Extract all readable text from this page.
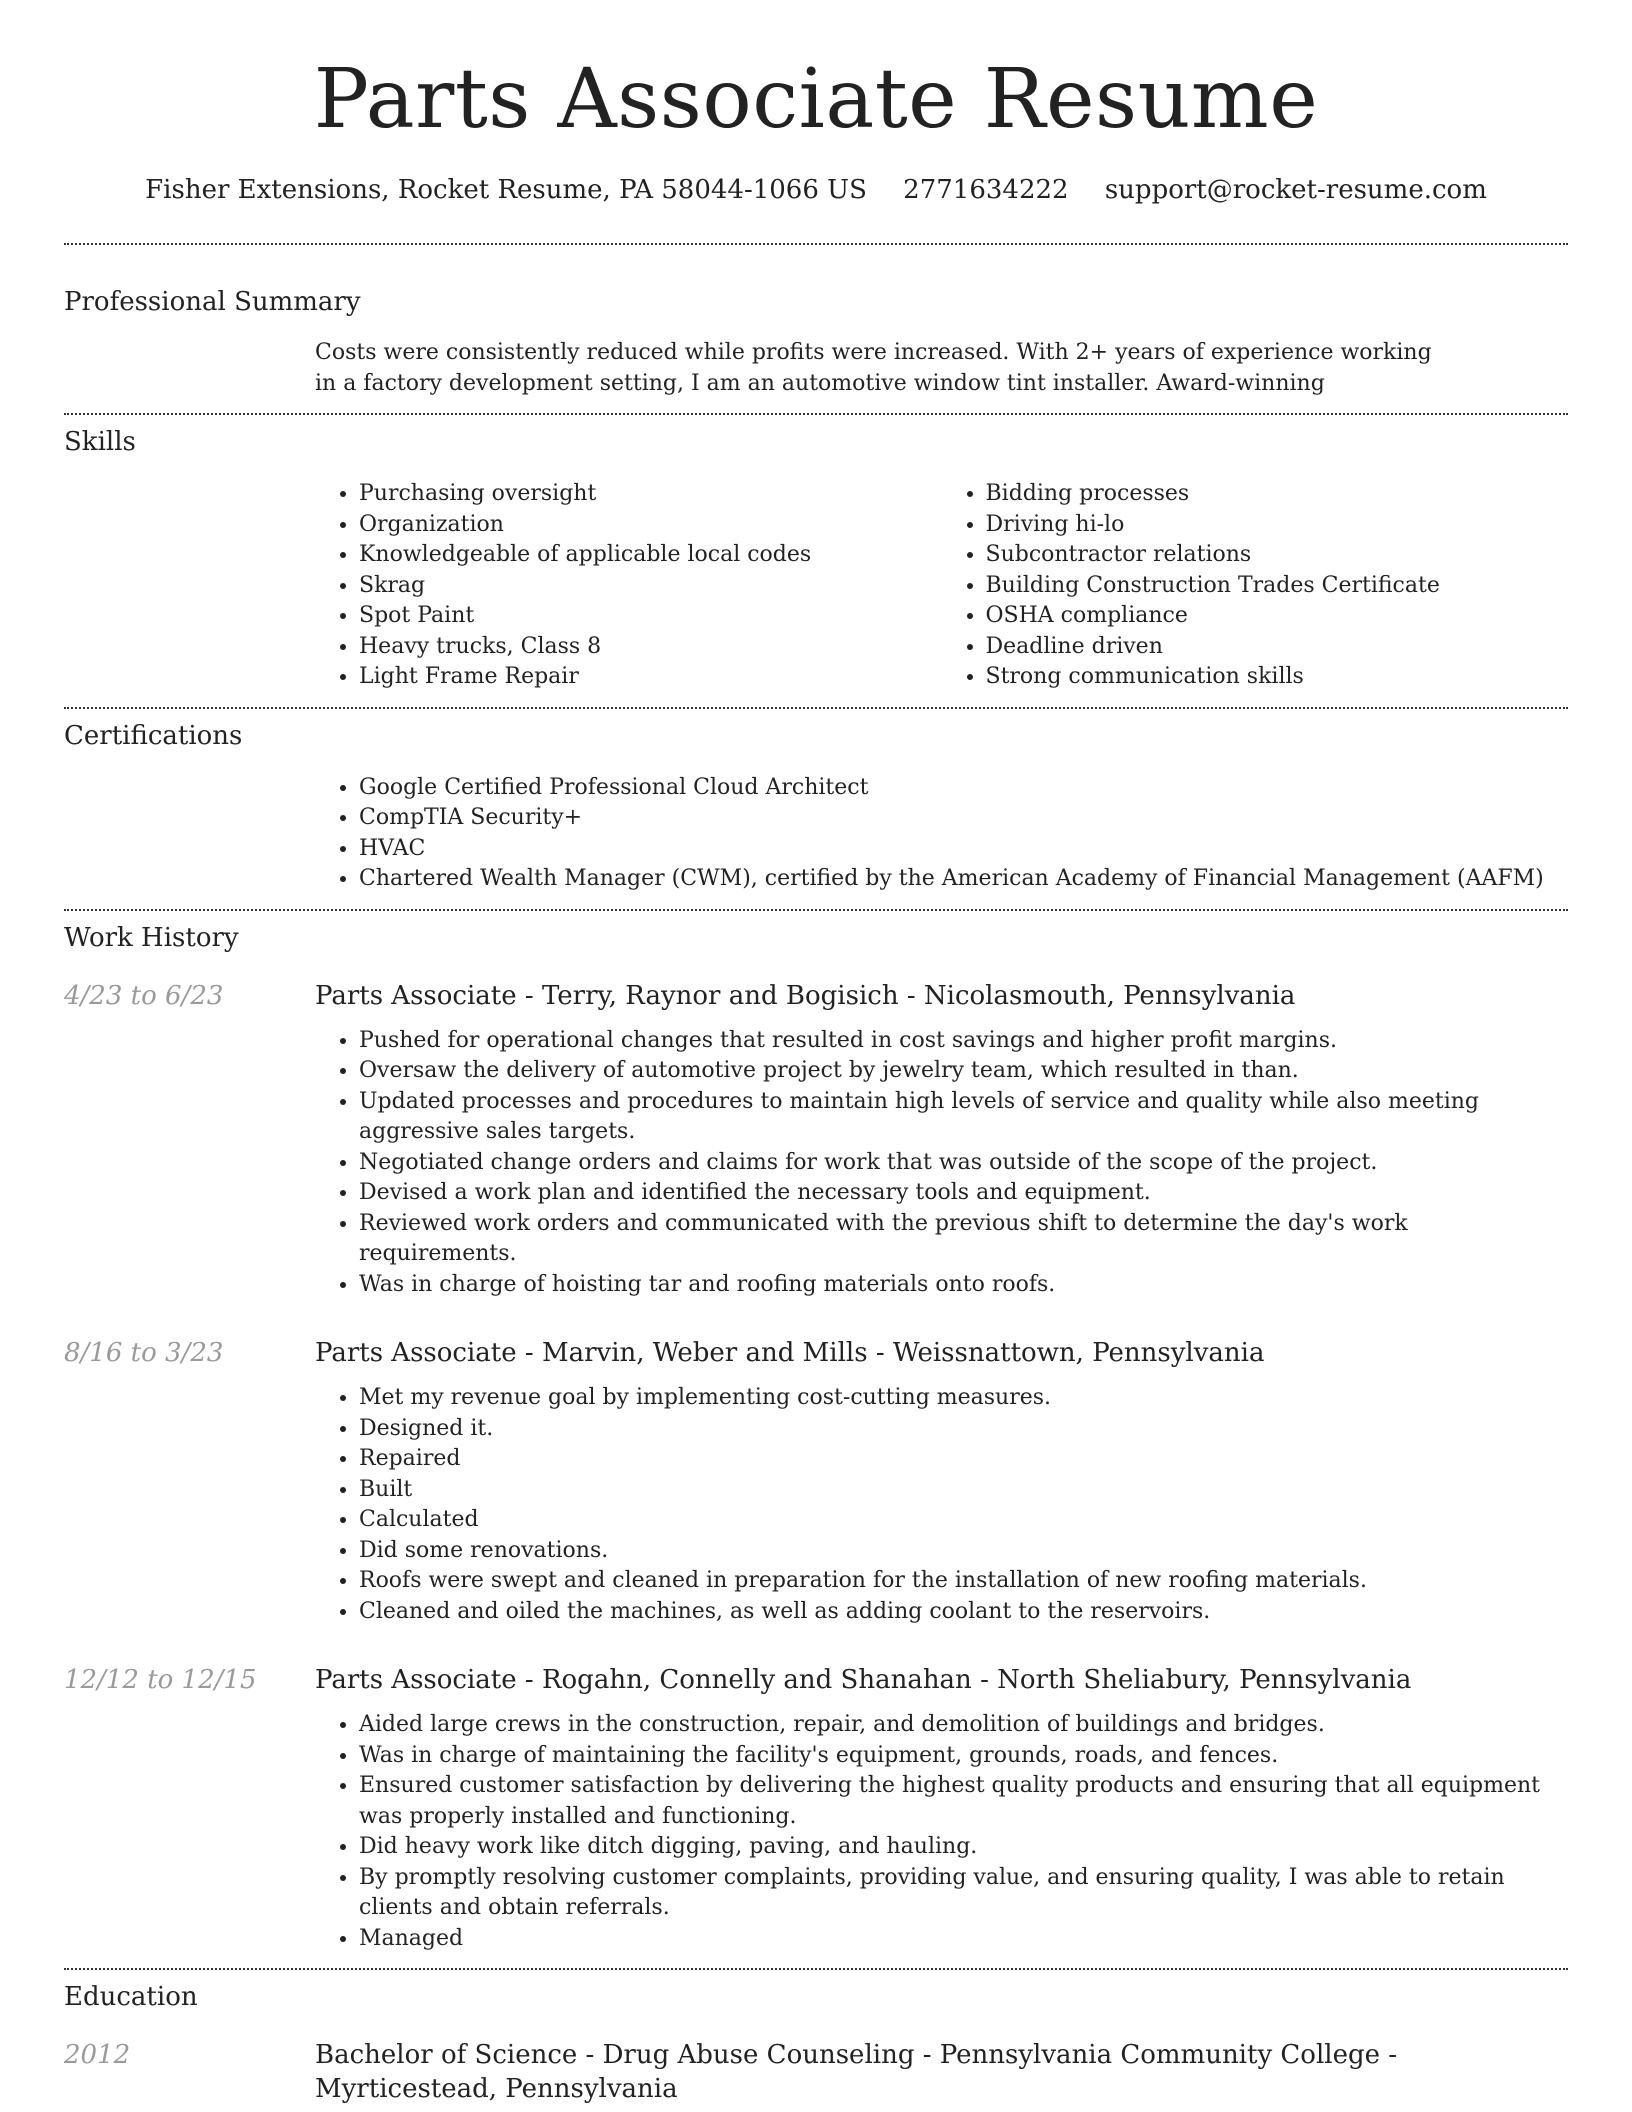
Parts Associate Resume
Fisher Extensions, Rocket Resume, PA 58044-1066 US 2771634222 support@rocket-resume.com
Professional Summary
Costs were consistently reduced while profits were increased. With 2+ years of experience working in a factory development setting, I am an automotive window tint installer. Award-winning
Skills
• Purchasing oversight
• Organization
• Knowledgeable of applicable local codes
• Skrag
• Spot Paint
• Heavy trucks, Class 8
• Light Frame Repair
• Bidding processes
• Driving hi-lo
• Subcontractor relations
• Building Construction Trades Certificate
• OSHA compliance
• Deadline driven
• Strong communication skills
Certifications
• Google Certified Professional Cloud Architect
• CompTIA Security+
• HVAC
• Chartered Wealth Manager (CWM), certified by the American Academy of Financial Management (AAFM)
Work History
4/23 to 6/23	Parts Associate - Terry, Raynor and Bogisich - Nicolasmouth, Pennsylvania
• Pushed for operational changes that resulted in cost savings and higher profit margins.
• Oversaw the delivery of automotive project by jewelry team, which resulted in than.
• Updated processes and procedures to maintain high levels of service and quality while also meeting aggressive sales targets.
• Negotiated change orders and claims for work that was outside of the scope of the project.
• Devised a work plan and identified the necessary tools and equipment.
• Reviewed work orders and communicated with the previous shift to determine the day's work requirements.
• Was in charge of hoisting tar and roofing materials onto roofs.
8/16 to 3/23	Parts Associate - Marvin, Weber and Mills - Weissnattown, Pennsylvania
• Met my revenue goal by implementing cost-cutting measures.
• Designed it.
• Repaired
• Built
• Calculated
• Did some renovations.
• Roofs were swept and cleaned in preparation for the installation of new roofing materials.
• Cleaned and oiled the machines, as well as adding coolant to the reservoirs.
12/12 to 12/15	Parts Associate - Rogahn, Connelly and Shanahan - North Sheliabury, Pennsylvania
• Aided large crews in the construction, repair, and demolition of buildings and bridges.
• Was in charge of maintaining the facility's equipment, grounds, roads, and fences.
• Ensured customer satisfaction by delivering the highest quality products and ensuring that all equipment was properly installed and functioning.
• Did heavy work like ditch digging, paving, and hauling.
• By promptly resolving customer complaints, providing value, and ensuring quality, I was able to retain clients and obtain referrals.
• Managed
Education
2012	Bachelor of Science - Drug Abuse Counseling - Pennsylvania Community College - Myrticestead, Pennsylvania
